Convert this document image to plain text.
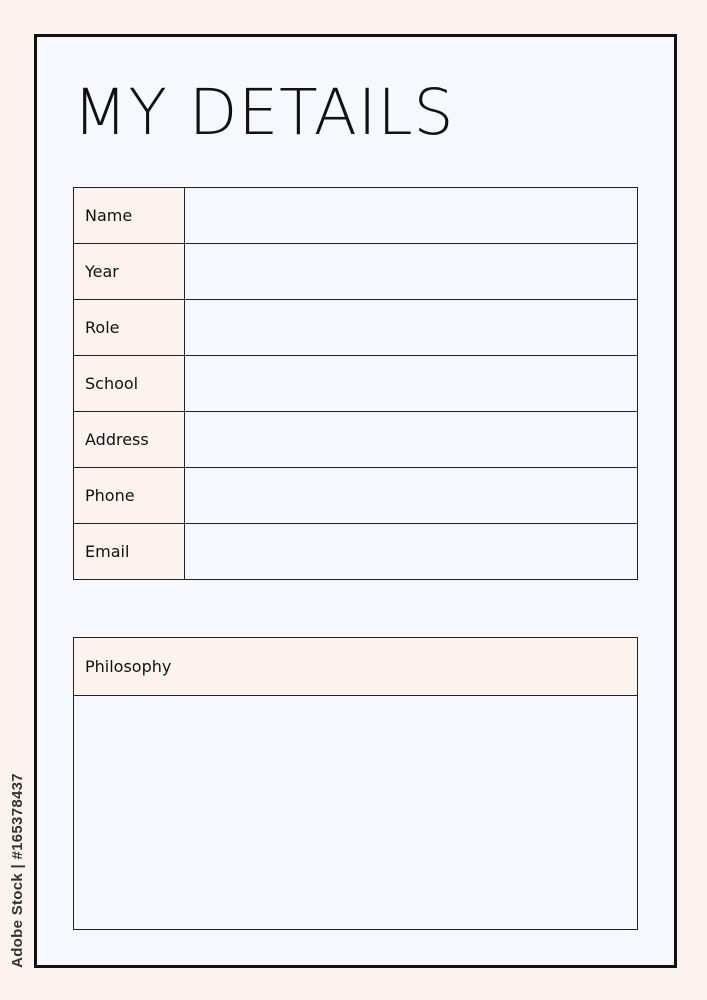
MY DETAILS
Name	
Year	
Role	
School	
Address	
Phone	
Email	
Philosophy
Adobe Stock | #165378437
